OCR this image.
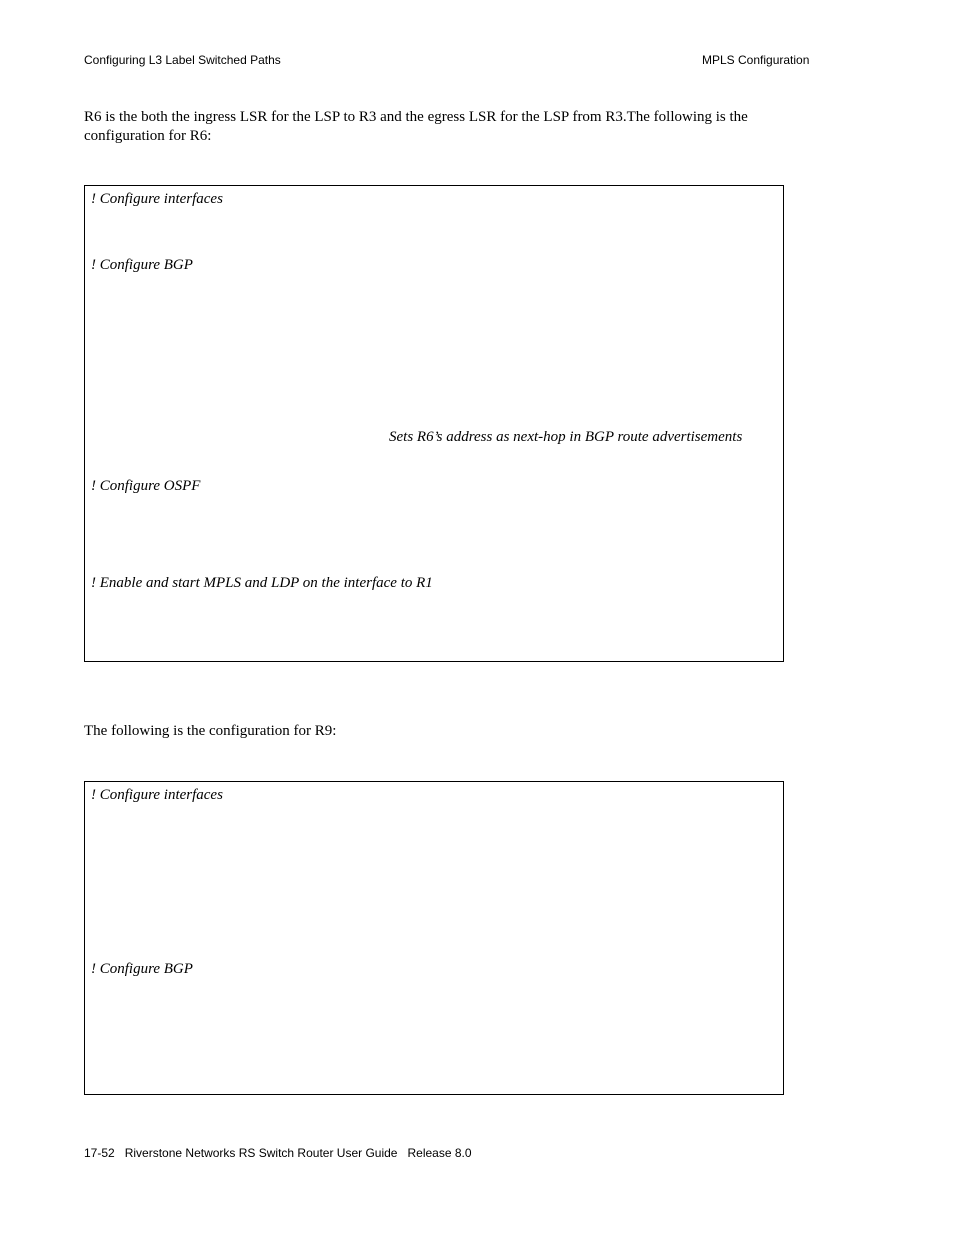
Configuring L3 Label Switched Paths	MPLS Configuration

R6 is the both the ingress LSR for the LSP to R3 and the egress LSR for the LSP from R3.The following is the configuration for R6:

! Configure interfaces
! Configure BGP
Sets R6’s address as next-hop in BGP route advertisements
! Configure OSPF
! Enable and start MPLS and LDP on the interface to R1

The following is the configuration for R9:

! Configure interfaces
! Configure BGP
17-52 Riverstone Networks RS Switch Router User Guide Release 8.0
